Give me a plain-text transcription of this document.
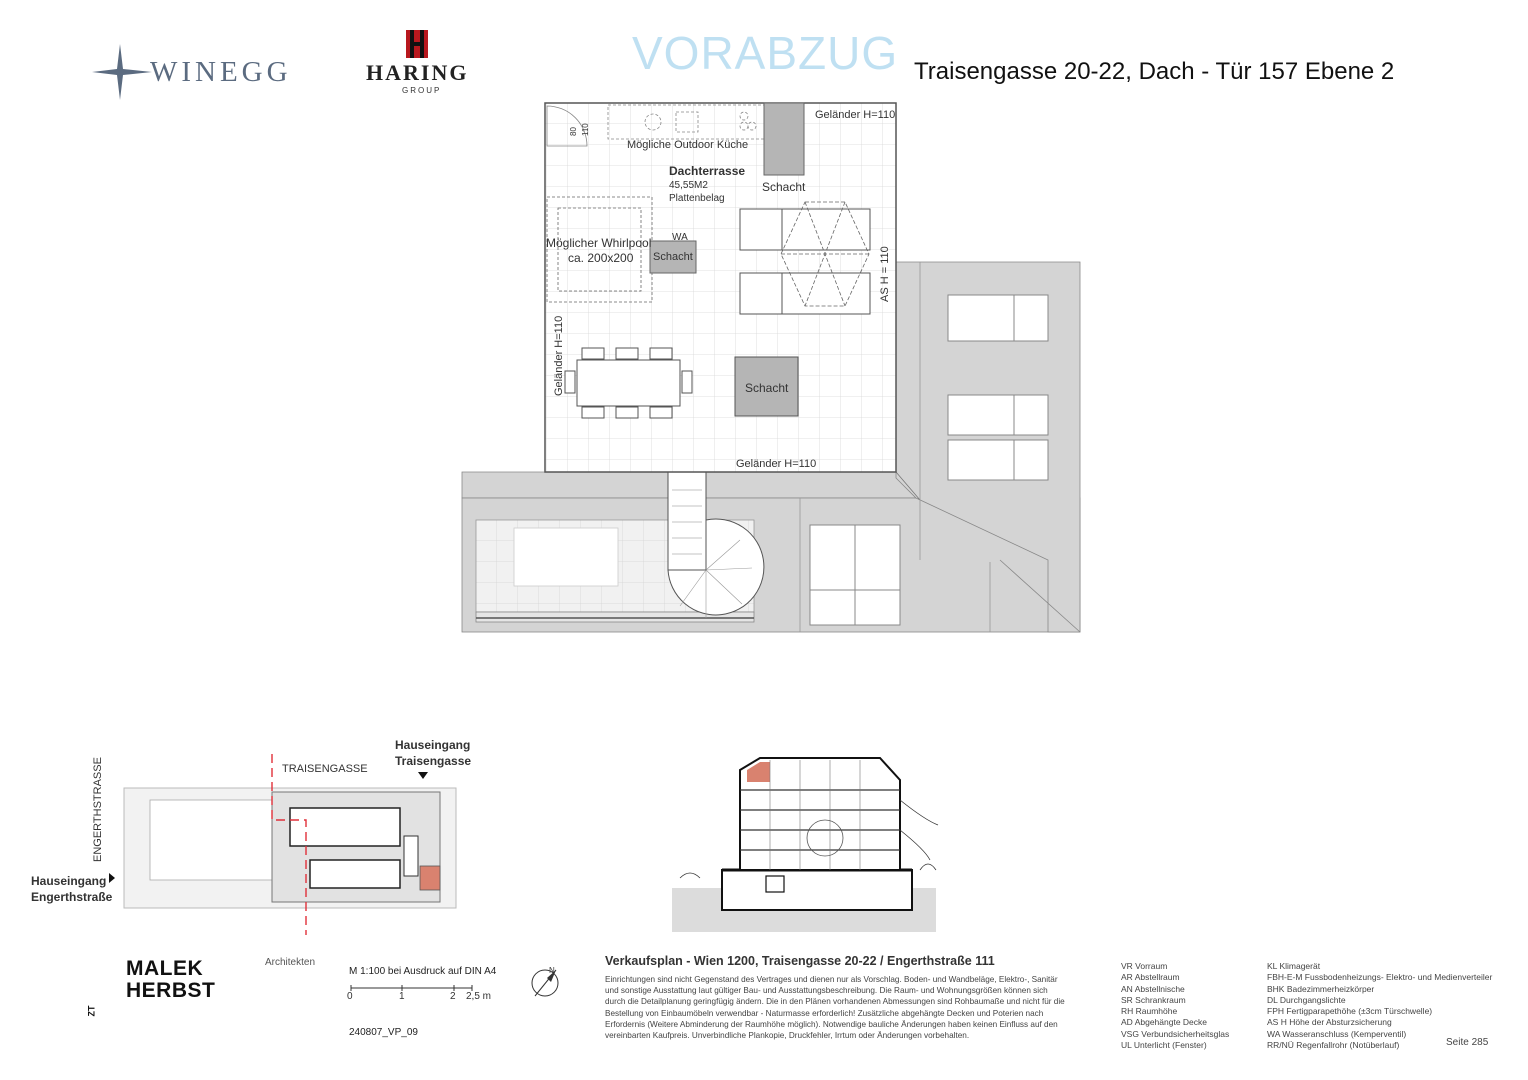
WINEGG	HARING
GROUP
VORABZUG Traisengasse 20-22, Dach - Tür 157 Ebene 2
Geländer H=110
Geländer H=110
Geländer H=110
AS H = 110
Mögliche Outdoor Küche
80 110
Dachterrasse
45,55M2
Plattenbelag
Schacht
WA
Schacht
Schacht
Möglicher Whirlpool
ca. 200x200
TRAISENGASSE
ENGERTHSTRASSE
Hauseingang
Traisengasse
Hauseingang
Engerthstraße
0	1	2 2,5 m
N
MALEK
HERBST
Architekten
ZT
M 1:100 bei Ausdruck auf DIN A4
240807_VP_09
Verkaufsplan - Wien 1200, Traisengasse 20-22 / Engerthstraße 111
Einrichtungen sind nicht Gegenstand des Vertrages und dienen nur als Vorschlag. Boden- und Wandbeläge, Elektro-, Sanitär und sonstige Ausstattung laut gültiger Bau- und Ausstattungsbeschreibung. Die Raum- und Wohnungsgrößen können sich durch die Detailplanung geringfügig ändern. Die in den Plänen vorhandenen Abmessungen sind Rohbaumaße und nicht für die Bestellung von Einbaumöbeln verwendbar - Naturmasse erforderlich! Zusätzliche abgehängte Decken und Poterien nach Erfordernis (Weitere Abminderung der Raumhöhe möglich). Notwendige bauliche Änderungen haben keinen Einfluss auf den vereinbarten Kaufpreis. Unverbindliche Plankopie, Druckfehler, Irrtum oder Änderungen vorbehalten.
VR Vorraum
AR Abstellraum
AN Abstellnische
SR Schrankraum
RH Raumhöhe
AD Abgehängte Decke
VSG Verbundsicherheitsglas
UL Unterlicht (Fenster)
KL Klimagerät
FBH-E-M Fussbodenheizungs- Elektro- und Medienverteiler
BHK Badezimmerheizkörper
DL Durchgangslichte
FPH Fertigparapethöhe (±3cm Türschwelle)
AS H Höhe der Absturzsicherung
WA Wasseranschluss (Kemperventil)
RR/NÜ Regenfallrohr (Notüberlauf)	Seite 285
